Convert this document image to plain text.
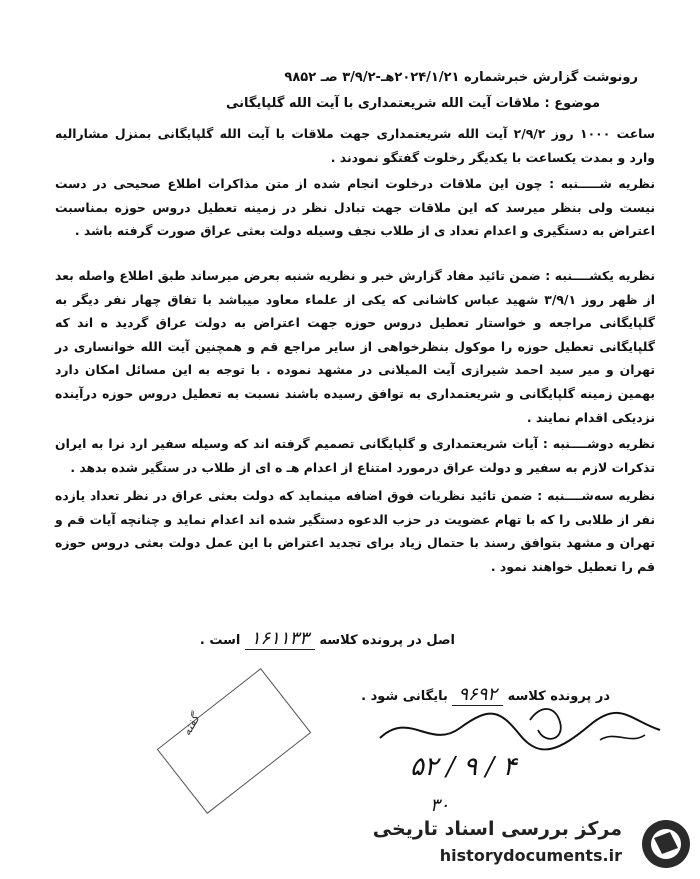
رونوشت گزارش خبرشماره ۲۰۲۴/۱/۲۱هـ-۳/۹/۲ صـ ۹۸۵۲
موضوع : ملاقات آیت الله شریعتمداری با آیت الله گلپایگانی
ساعت ۱۰۰۰ روز ۲/۹/۲ آیت الله شریعتمداری جهت ملاقات با آیت الله گلپایگانی بمنزل مشارالیه وارد و بمدت یکساعت با یکدیگر رخلوت گفتگو نمودند .
نظریه شـــــنبه : چون این ملاقات درخلوت انجام شده از متن مذاکرات اطلاع صحیحی در دست نیست ولی بنظر میرسد که این ملاقات جهت تبادل نظر در زمینه تعطیل دروس حوزه بمناسبت اعتراض به دستگیری و اعدام تعداد ی از طلاب نجف وسیله دولت بعثی عراق صورت گرفته باشد .
نظریه یکشــــنبه : ضمن تائید مفاد گزارش خبر و نظریه شنبه بعرض میرساند طبق اطلاع واصله بعد از ظهر روز ۳/۹/۱ شهید عباس کاشانی که یکی از علماء معاود میباشد با تفاق چهار نفر دیگر به گلپایگانی مراجعه و خواستار تعطیل دروس حوزه جهت اعتراض به دولت عراق گردید ه اند که گلپایگانی تعطیل حوزه را موکول بنظرخواهی از سایر مراجع قم و همچنین آیت الله خوانساری در تهران و میر سید احمد شیرازی آیت المیلانی در مشهد نموده . با توجه به این مسائل امکان دارد بهمین زمینه گلپایگانی و شریعتمداری به توافق رسیده باشند نسبت به تعطیل دروس حوزه درآینده نزدیکی اقدام نمایند .
نظریه دوشــــنبه : آیات شریعتمداری و گلپایگانی تصمیم گرفته اند که وسیله سفیر ارد نرا به ایران تذکرات لازم به سفیر و دولت عراق درمورد امتناع از اعدام هـ ه ای از طلاب در ستگیر شده بدهد .
نظریه سه‌شــــنبه : ضمن تائید نظریات فوق اضافه مینماید که دولت بعثی عراق در نظر تعداد یازده نفر از طلابی را که با تهام عضویت در حزب الدعوه دستگیر شده اند اعدام نماید و چنانچه آیات قم و تهران و مشهد بتوافق رسند با حتمال زیاد برای تجدید اعتراض با این عمل دولت بعثی دروس حوزه قم را تعطیل خواهند نمود .
اصل در پرونده کلاسه ۱۶۱۱۳۳ است .
در پرونده کلاسه ۹۶۹۲ بایگانی شود .
گفته
۵۲ / ۹ / ۴
۳۰
مرکز بررسی اسناد تاریخی
historydocuments.ir
